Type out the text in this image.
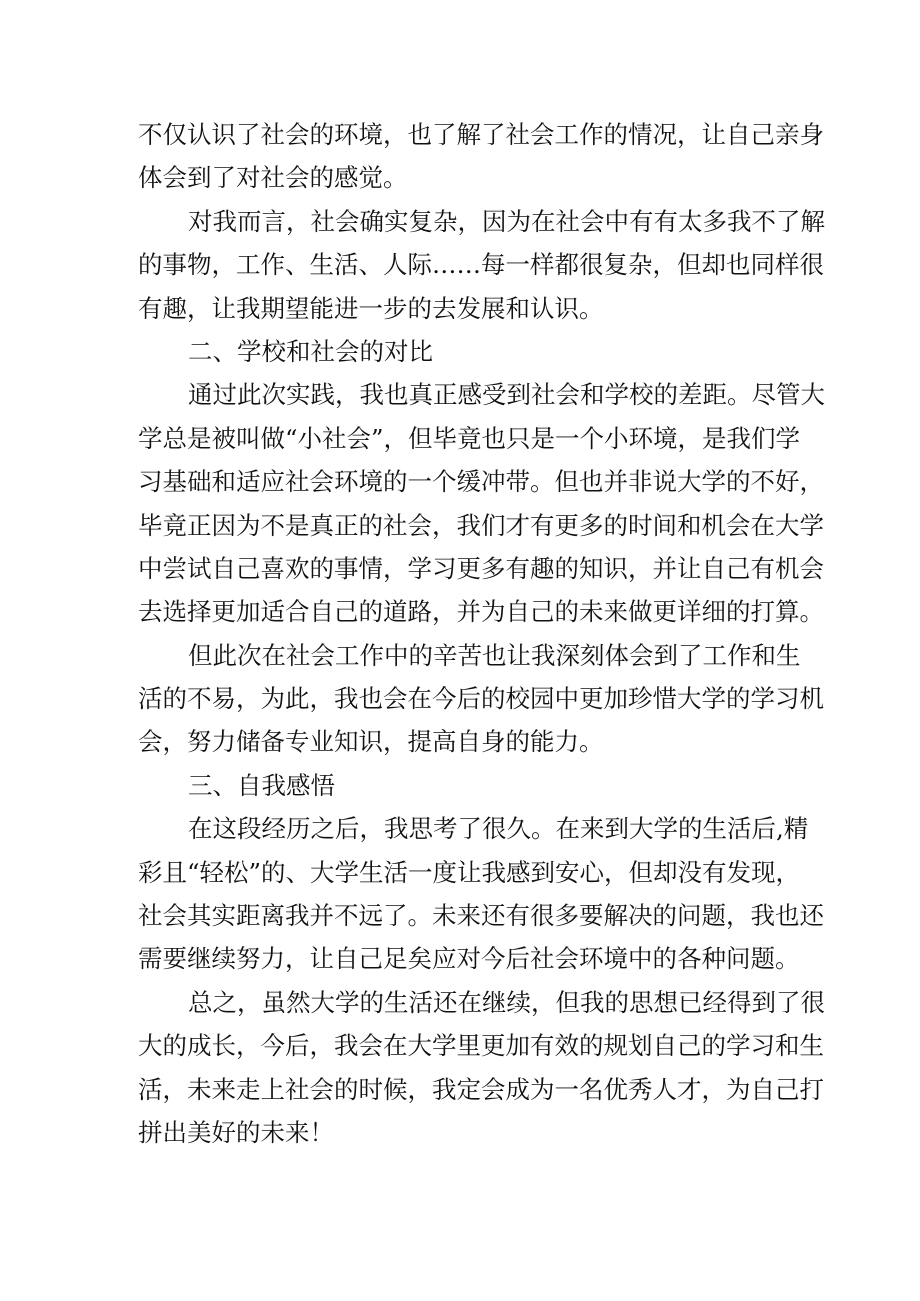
不仅认识了社会的环境，也了解了社会工作的情况，让自己亲身
体会到了对社会的感觉。
对我而言，社会确实复杂，因为在社会中有有太多我不了解
的事物，工作、生活、人际……每一样都很复杂，但却也同样很
有趣，让我期望能进一步的去发展和认识。
二、学校和社会的对比
通过此次实践，我也真正感受到社会和学校的差距。尽管大
学总是被叫做“小社会”，但毕竟也只是一个小环境，是我们学
习基础和适应社会环境的一个缓冲带。但也并非说大学的不好，
毕竟正因为不是真正的社会，我们才有更多的时间和机会在大学
中尝试自己喜欢的事情，学习更多有趣的知识，并让自己有机会
去选择更加适合自己的道路，并为自己的未来做更详细的打算。
但此次在社会工作中的辛苦也让我深刻体会到了工作和生
活的不易，为此，我也会在今后的校园中更加珍惜大学的学习机
会，努力储备专业知识，提高自身的能力。
三、自我感悟
在这段经历之后，我思考了很久。在来到大学的生活后,精
彩且“轻松”的、大学生活一度让我感到安心，但却没有发现，
社会其实距离我并不远了。未来还有很多要解决的问题，我也还
需要继续努力，让自己足矣应对今后社会环境中的各种问题。
总之，虽然大学的生活还在继续，但我的思想已经得到了很
大的成长，今后，我会在大学里更加有效的规划自己的学习和生
活，未来走上社会的时候，我定会成为一名优秀人才，为自己打
拼出美好的未来！
